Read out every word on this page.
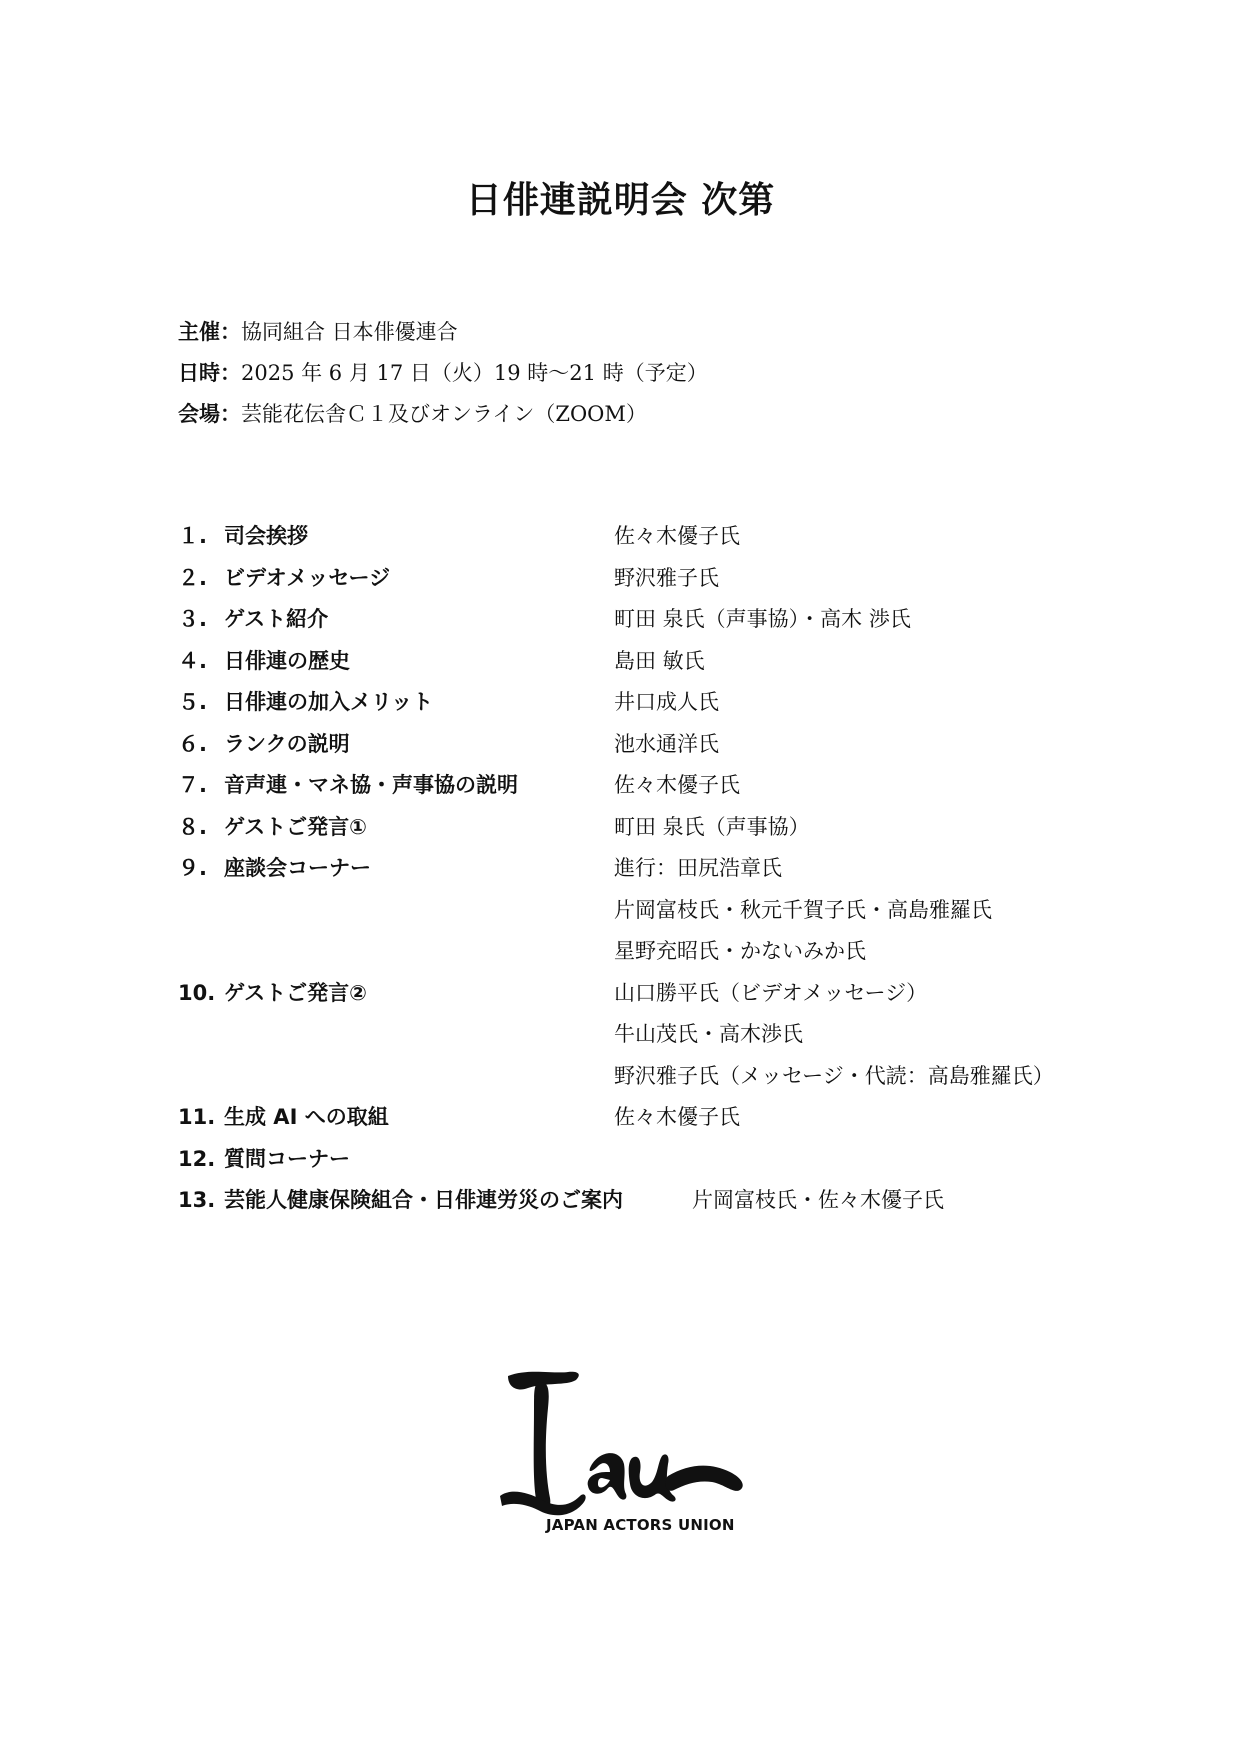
日俳連説明会 次第
主催：協同組合 日本俳優連合
日時：2025 年 6 月 17 日（火）19 時～21 時（予定）
会場：芸能花伝舎Ｃ１及びオンライン（ZOOM）
１. 司会挨拶	佐々木優子氏
２. ビデオメッセージ	野沢雅子氏
３. ゲスト紹介	町田 泉氏（声事協）・高木 渉氏
４. 日俳連の歴史	島田 敏氏
５. 日俳連の加入メリット	井口成人氏
６. ランクの説明	池水通洋氏
７. 音声連・マネ協・声事協の説明	佐々木優子氏
８. ゲストご発言①	町田 泉氏（声事協）
９. 座談会コーナー	進行：田尻浩章氏
片岡富枝氏・秋元千賀子氏・高島雅羅氏
星野充昭氏・かないみか氏
10. ゲストご発言②	山口勝平氏（ビデオメッセージ）
牛山茂氏・高木渉氏
野沢雅子氏（メッセージ・代読：高島雅羅氏）
11. 生成 AI への取組	佐々木優子氏
12. 質問コーナー
13. 芸能人健康保険組合・日俳連労災のご案内	片岡富枝氏・佐々木優子氏
JAPAN ACTORS UNION
